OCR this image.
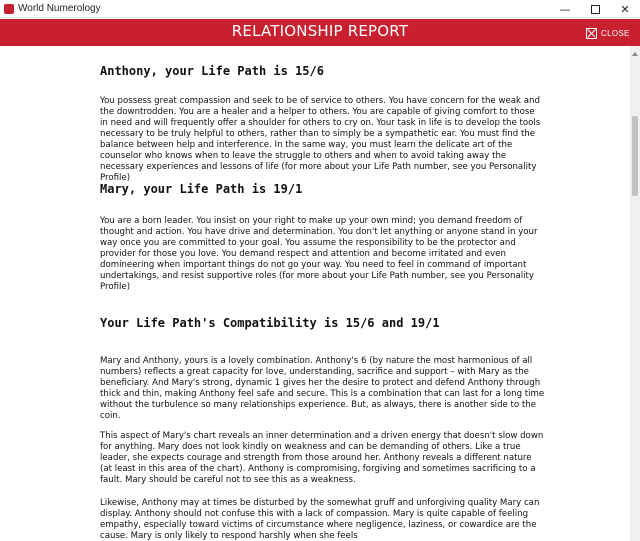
World Numerology	—	✕
RELATIONSHIP REPORT	CLOSE
Anthony, your Life Path is 15/6

You possess great compassion and seek to be of service to others. You have concern for the weak and the downtrodden. You are a healer and a helper to others. You are capable of giving comfort to those in need and will frequently offer a shoulder for others to cry on. Your task in life is to develop the tools necessary to be truly helpful to others, rather than to simply be a sympathetic ear. You must find the balance between help and interference. In the same way, you must learn the delicate art of the counselor who knows when to leave the struggle to others and when to avoid taking away the necessary experiences and lessons of life (for more about your Life Path number, see you Personality Profile)

Mary, your Life Path is 19/1

You are a born leader. You insist on your right to make up your own mind; you demand freedom of thought and action. You have drive and determination. You don't let anything or anyone stand in your way once you are committed to your goal. You assume the responsibility to be the protector and provider for those you love. You demand respect and attention and become irritated and even domineering when important things do not go your way. You need to feel in command of important undertakings, and resist supportive roles (for more about your Life Path number, see you Personality Profile)

Your Life Path's Compatibility is 15/6 and 19/1

Mary and Anthony, yours is a lovely combination. Anthony's 6 (by nature the most harmonious of all numbers) reflects a great capacity for love, understanding, sacrifice and support – with Mary as the beneficiary. And Mary's strong, dynamic 1 gives her the desire to protect and defend Anthony through thick and thin, making Anthony feel safe and secure. This is a combination that can last for a long time without the turbulence so many relationships experience. But, as always, there is another side to the coin.

This aspect of Mary's chart reveals an inner determination and a driven energy that doesn't slow down for anything. Mary does not look kindly on weakness and can be demanding of others. Like a true leader, she expects courage and strength from those around her. Anthony reveals a different nature (at least in this area of the chart). Anthony is compromising, forgiving and sometimes sacrificing to a fault. Mary should be careful not to see this as a weakness.

Likewise, Anthony may at times be disturbed by the somewhat gruff and unforgiving quality Mary can display. Anthony should not confuse this with a lack of compassion. Mary is quite capable of feeling empathy, especially toward victims of circumstance where negligence, laziness, or cowardice are the cause. Mary is only likely to respond harshly when she feels
